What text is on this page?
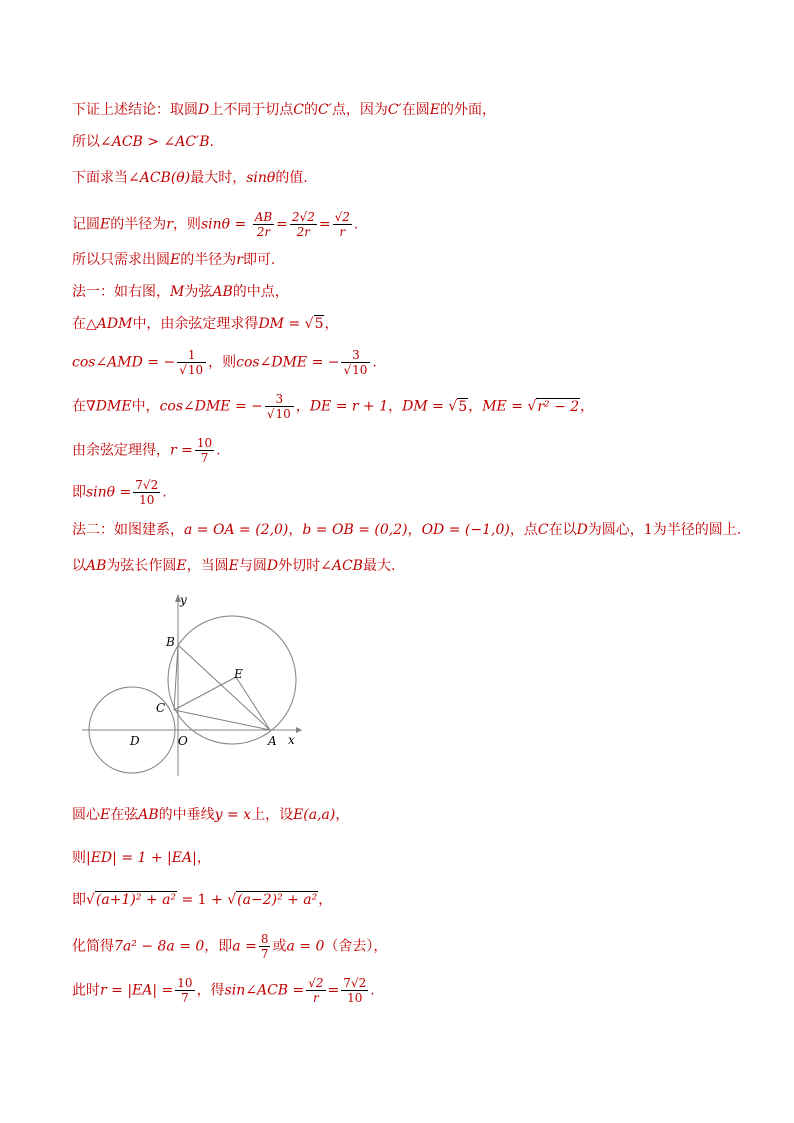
下证上述结论：取圆D上不同于切点C的C′点，因为C′在圆E的外面，
所以∠ACB > ∠AC′B.
下面求当∠ACB(θ)最大时，sinθ的值.
记圆E的半径为r，则$\sin\theta = \frac{AB}{2r} = \frac{2√2}{2r} = \frac{√2}{r}$ .
所以只需求出圆E的半径为r即可.
法一：如右图，M为弦AB的中点，
在△ADM中，由余弦定理求得DM = √5，
cos∠AMD = − $\frac{1}{√10}$ ，则cos∠DME = − $\frac{3}{√10}$ .
在∇DME中，cos∠DME = − $\frac{3}{√10}$ ，DE = r + 1，DM = √5，ME = √r² − 2，
由余弦定理得，$r = \frac{10}{7}$ .
即$\sin\theta = \frac{7√2}{10}$ .
法二：如图建系，a = OA = (2,0)，b = OB = (0,2)，OD = (−1,0)，点C在以D为圆心，1为半径的圆上.
以AB为弦长作圆E，当圆E与圆D外切时∠ACB最大.
y
x
B
E
C
D	O	A
圆心E在弦AB的中垂线y = x上，设E(a,a)，
则|ED| = 1 + |EA|，
即√(a+1)² + a² = 1 + √(a−2)² + a²，
化简得7a² − 8a = 0，即$a = \frac{8}{7}$ 或a = 0（舍去），
此时$r = |EA| = \frac{10}{7}$ ，得sin∠ACB = $\frac{√2}{r} = \frac{7√2}{10}$ .
